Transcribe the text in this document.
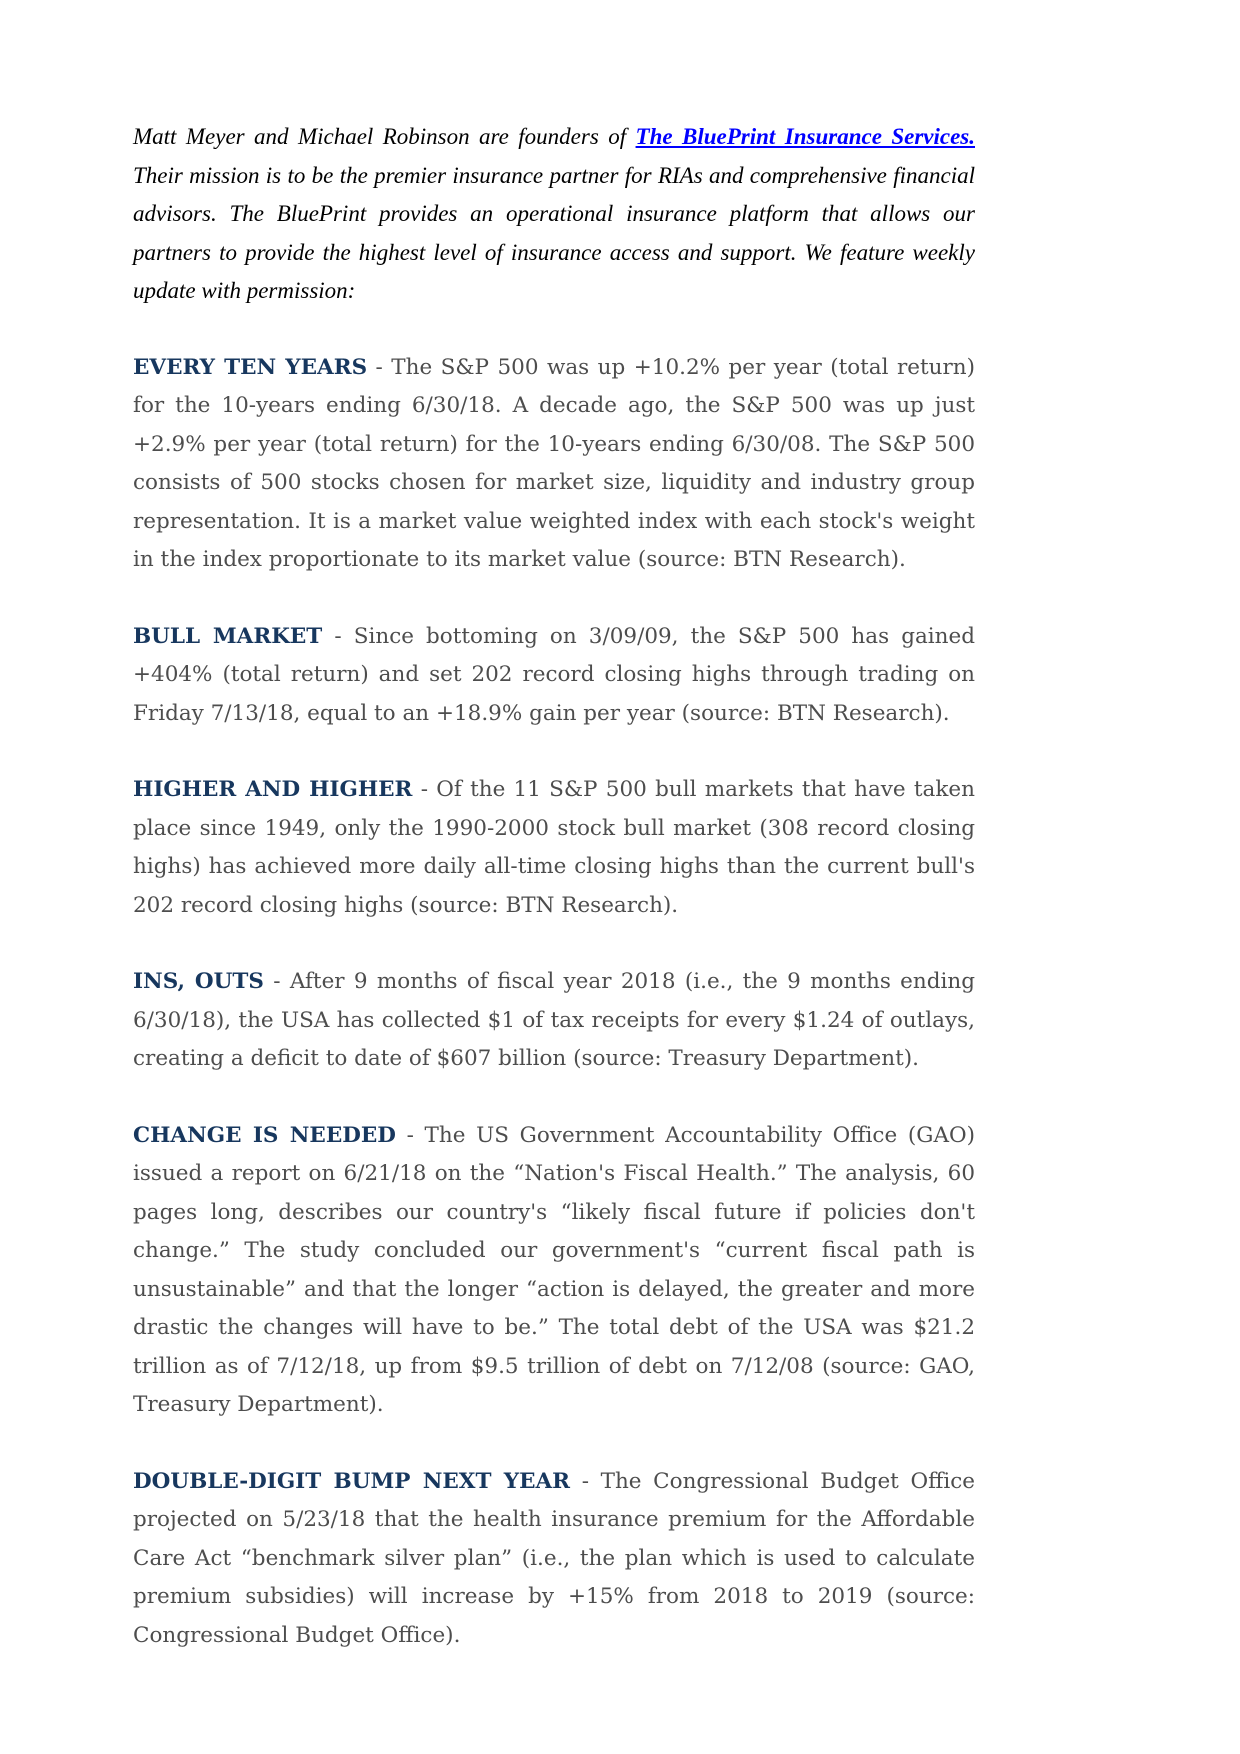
Matt Meyer and Michael Robinson are founders of The BluePrint Insurance Services. Their mission is to be the premier insurance partner for RIAs and comprehensive financial advisors. The BluePrint provides an operational insurance platform that allows our partners to provide the highest level of insurance access and support. We feature weekly update with permission:

EVERY TEN YEARS - The S&P 500 was up +10.2% per year (total return) for the 10-years ending 6/30/18. A decade ago, the S&P 500 was up just +2.9% per year (total return) for the 10-years ending 6/30/08. The S&P 500 consists of 500 stocks chosen for market size, liquidity and industry group representation. It is a market value weighted index with each stock's weight in the index proportionate to its market value (source: BTN Research).

BULL MARKET - Since bottoming on 3/09/09, the S&P 500 has gained +404% (total return) and set 202 record closing highs through trading on Friday 7/13/18, equal to an +18.9% gain per year (source: BTN Research).

HIGHER AND HIGHER - Of the 11 S&P 500 bull markets that have taken place since 1949, only the 1990-2000 stock bull market (308 record closing highs) has achieved more daily all-time closing highs than the current bull's 202 record closing highs (source: BTN Research).

INS, OUTS - After 9 months of fiscal year 2018 (i.e., the 9 months ending 6/30/18), the USA has collected $1 of tax receipts for every $1.24 of outlays, creating a deficit to date of $607 billion (source: Treasury Department).

CHANGE IS NEEDED - The US Government Accountability Office (GAO) issued a report on 6/21/18 on the “Nation's Fiscal Health.” The analysis, 60 pages long, describes our country's “likely fiscal future if policies don't change.” The study concluded our government's “current fiscal path is unsustainable” and that the longer “action is delayed, the greater and more drastic the changes will have to be.” The total debt of the USA was $21.2 trillion as of 7/12/18, up from $9.5 trillion of debt on 7/12/08 (source: GAO, Treasury Department).

DOUBLE-DIGIT BUMP NEXT YEAR - The Congressional Budget Office projected on 5/23/18 that the health insurance premium for the Affordable Care Act “benchmark silver plan” (i.e., the plan which is used to calculate premium subsidies) will increase by +15% from 2018 to 2019 (source: Congressional Budget Office).
